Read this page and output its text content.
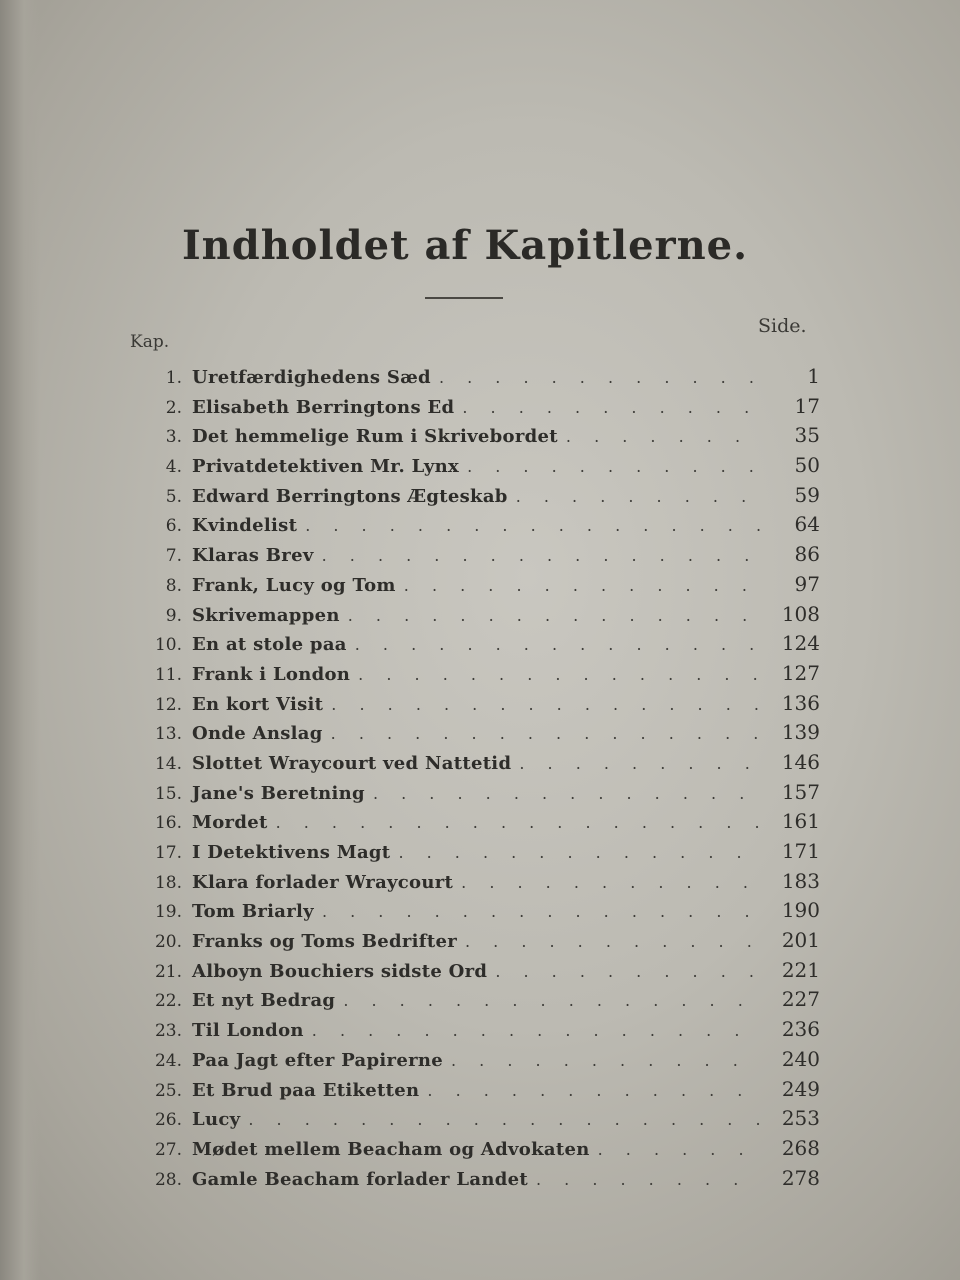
Indholdet af Kapitlerne.
Kap.
Side.
1. Uretfærdighedens Sæd . . .	1
2. Elisabeth Berringtons Ed . . .	17
3. Det hemmelige Rum i Skrivebordet . . .	35
4. Privatdetektiven Mr. Lynx . . .	50
5. Edward Berringtons Ægteskab . . .	59
6. Kvindelist . . .	64
7. Klaras Brev . . .	86
8. Frank, Lucy og Tom . . .	97
9. Skrivemappen . . .	108
10. En at stole paa . . .	124
11. Frank i London . . .	127
12. En kort Visit . . .	136
13. Onde Anslag . . .	139
14. Slottet Wraycourt ved Nattetid . . .	146
15. Jane's Beretning . . .	157
16. Mordet . . .	161
17. I Detektivens Magt . . .	171
18. Klara forlader Wraycourt . . .	183
19. Tom Briarly . . .	190
20. Franks og Toms Bedrifter . . .	201
21. Alboyn Bouchiers sidste Ord . . .	221
22. Et nyt Bedrag . . .	227
23. Til London . . .	236
24. Paa Jagt efter Papirerne . . .	240
25. Et Brud paa Etiketten . . .	249
26. Lucy . . .	253
27. Mødet mellem Beacham og Advokaten . . .	268
28. Gamle Beacham forlader Landet . . .	278
